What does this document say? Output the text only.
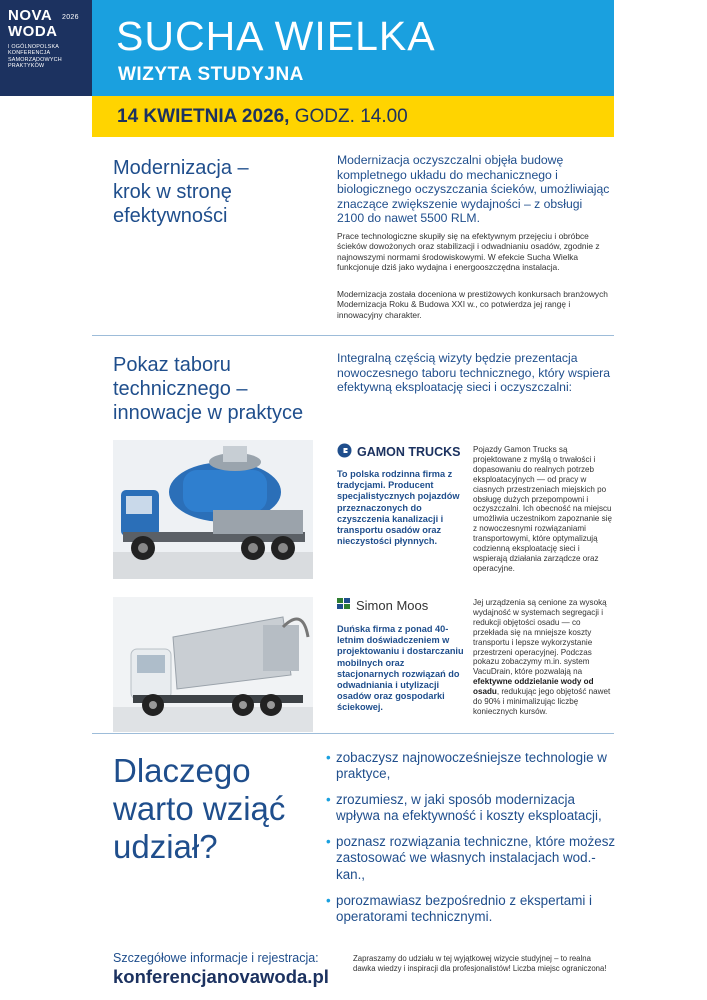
NOVA	2026
WODA
I OGÓLNOPOLSKA KONFERENCJA SAMORZĄDOWYCH PRAKTYKÓW
SUCHA WIELKA
WIZYTA STUDYJNA
14 KWIETNIA 2026, GODZ. 14.00
Modernizacja –
krok w stronę
efektywności
Modernizacja oczyszczalni objęła budowę kompletnego układu do mechanicznego i biologicznego oczyszczania ścieków, umożliwiając znaczące zwiększenie wydajności – z obsługi 2100 do nawet 5500 RLM.
Prace technologiczne skupiły się na efektywnym przejęciu i obróbce ścieków dowożonych oraz stabilizacji i odwadnianiu osadów, zgodnie z najnowszymi normami środowiskowymi. W efekcie Sucha Wielka funkcjonuje dziś jako wydajna i energooszczędna instalacja.
Modernizacja została doceniona w prestiżowych konkursach branżowych Modernizacja Roku & Budowa XXI w., co potwierdza jej rangę i innowacyjny charakter.
Pokaz taboru
technicznego –
innowacje w praktyce
Integralną częścią wizyty będzie prezentacja nowoczesnego taboru technicznego, który wspiera efektywną eksploatację sieci i oczyszczalni:
GAMON TRUCKS
To polska rodzinna firma z tradycjami. Producent specjalistycznych pojazdów przeznaczonych do czyszczenia kanalizacji i transportu osadów oraz nieczystości płynnych.
Pojazdy Gamon Trucks są projektowane z myślą o trwałości i dopasowaniu do realnych potrzeb eksploatacyjnych — od pracy w ciasnych przestrzeniach miejskich po obsługę dużych przepompowni i oczyszczalni. Ich obecność na miejscu umożliwia uczestnikom zapoznanie się z nowoczesnymi rozwiązaniami transportowymi, które optymalizują codzienną eksploatację sieci i wspierają działania zarządcze oraz operacyjne.
Simon Moos
Duńska firma z ponad 40-letnim doświadczeniem w projektowaniu i dostarczaniu mobilnych oraz stacjonarnych rozwiązań do odwadniania i utylizacji osadów oraz gospodarki ściekowej.
Jej urządzenia są cenione za wysoką wydajność w systemach segregacji i redukcji objętości osadu — co przekłada się na mniejsze koszty transportu i lepsze wykorzystanie przestrzeni operacyjnej. Podczas pokazu zobaczymy m.in. system VacuDrain, które pozwalają na efektywne oddzielanie wody od osadu, redukując jego objętość nawet do 90% i minimalizując liczbę koniecznych kursów.
Dlaczego warto wziąć udział?
• zobaczysz najnowocześniejsze technologie w praktyce,
• zrozumiesz, w jaki sposób modernizacja wpływa na efektywność i koszty eksploatacji,
• poznasz rozwiązania techniczne, które możesz zastosować we własnych instalacjach wod.-kan.,
• porozmawiasz bezpośrednio z ekspertami i operatorami technicznymi.
Szczegółowe informacje i rejestracja:
konferencjanovawoda.pl
Zapraszamy do udziału w tej wyjątkowej wizycie studyjnej – to realna dawka wiedzy i inspiracji dla profesjonalistów! Liczba miejsc ograniczona!
